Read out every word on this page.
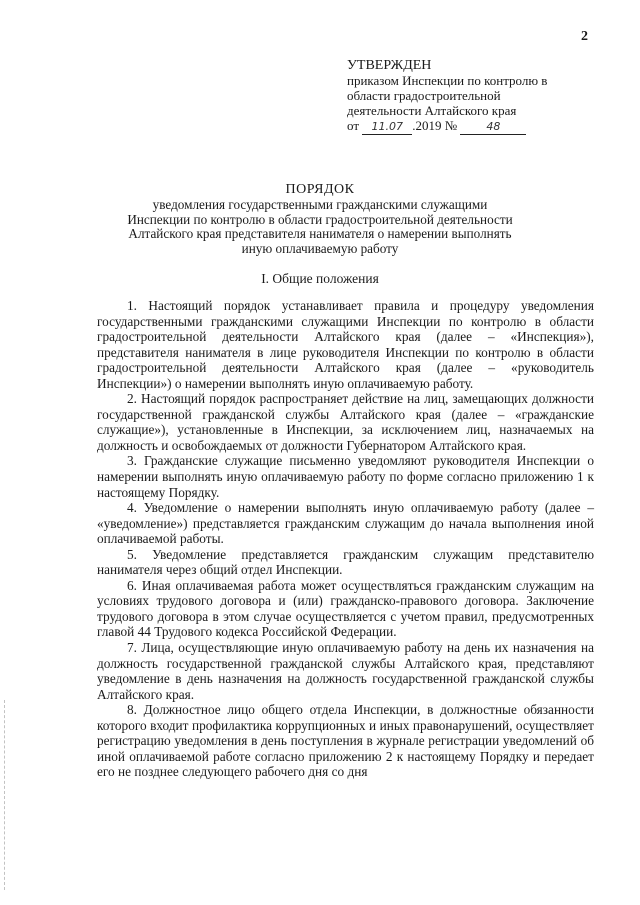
2
УТВЕРЖДЕН
приказом Инспекции по контролю в
области градостроительной
деятельности Алтайского края
от 11.07 .2019 №	48
ПОРЯДОК
уведомления государственными гражданскими служащими
Инспекции по контролю в области градостроительной деятельности
Алтайского края представителя нанимателя о намерении выполнять
иную оплачиваемую работу
I. Общие положения

1. Настоящий порядок устанавливает правила и процедуру уведомления государственными гражданскими служащими Инспекции по контролю в области градостроительной деятельности Алтайского края (далее – «Инспекция»), представителя нанимателя в лице руководителя Инспекции по контролю в области градостроительной деятельности Алтайского края (далее – «руководитель Инспекции») о намерении выполнять иную оплачиваемую работу.

2. Настоящий порядок распространяет действие на лиц, замещающих должности государственной гражданской службы Алтайского края (далее – «гражданские служащие»), установленные в Инспекции, за исключением лиц, назначаемых на должность и освобождаемых от должности Губернатором Алтайского края.

3. Гражданские служащие письменно уведомляют руководителя Инспекции о намерении выполнять иную оплачиваемую работу по форме согласно приложению 1 к настоящему Порядку.

4. Уведомление о намерении выполнять иную оплачиваемую работу (далее – «уведомление») представляется гражданским служащим до начала выполнения иной оплачиваемой работы.

5. Уведомление представляется гражданским служащим представителю нанимателя через общий отдел Инспекции.

6. Иная оплачиваемая работа может осуществляться гражданским служащим на условиях трудового договора и (или) гражданско-правового договора. Заключение трудового договора в этом случае осуществляется с учетом правил, предусмотренных главой 44 Трудового кодекса Российской Федерации.

7. Лица, осуществляющие иную оплачиваемую работу на день их назначения на должность государственной гражданской службы Алтайского края, представляют уведомление в день назначения на должность государственной гражданской службы Алтайского края.

8. Должностное лицо общего отдела Инспекции, в должностные обязанности которого входит профилактика коррупционных и иных правонарушений, осуществляет регистрацию уведомления в день поступления в журнале регистрации уведомлений об иной оплачиваемой работе согласно приложению 2 к настоящему Порядку и передает его не позднее следующего рабочего дня со дня
